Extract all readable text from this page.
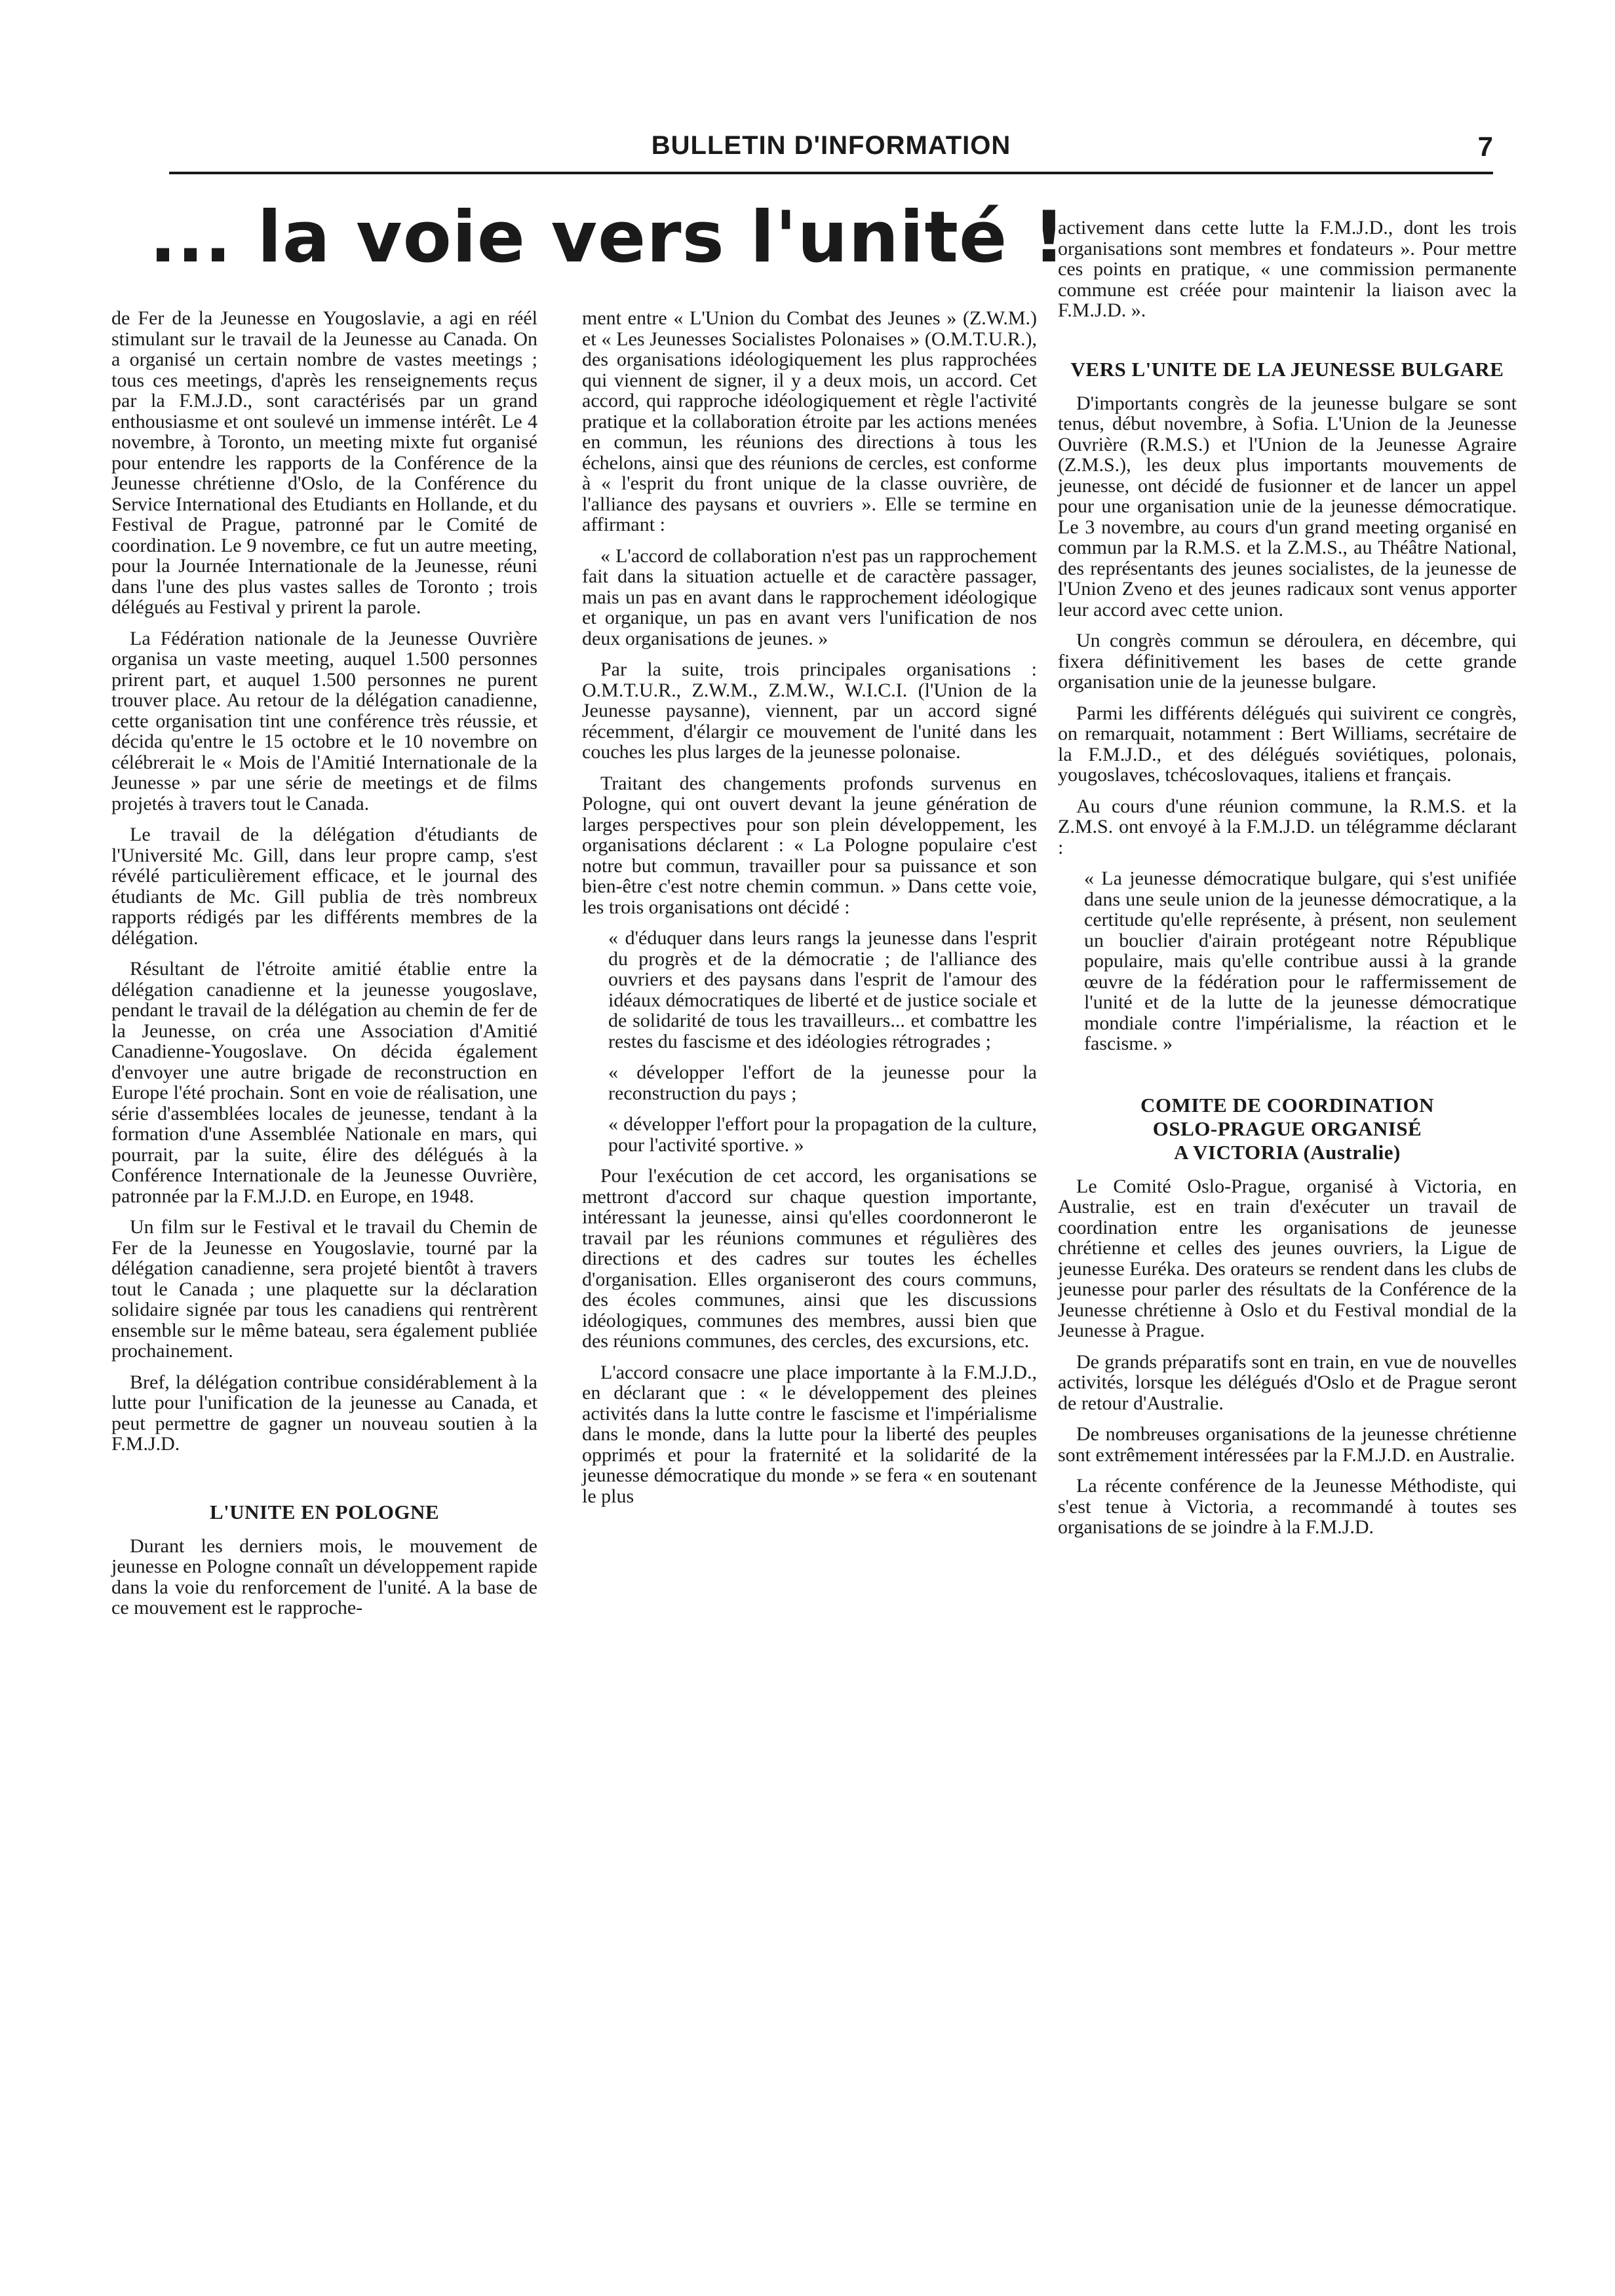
BULLETIN D'INFORMATION	7
... la voie vers l'unité !

de Fer de la Jeunesse en Yougoslavie, a agi en réél stimulant sur le travail de la Jeunesse au Canada. On a organisé un certain nombre de vastes meetings ; tous ces meetings, d'après les renseignements reçus par la F.M.J.D., sont caractérisés par un grand enthousiasme et ont soulevé un immense intérêt. Le 4 novembre, à Toronto, un meeting mixte fut organisé pour entendre les rapports de la Conférence de la Jeunesse chrétienne d'Oslo, de la Conférence du Service International des Etudiants en Hollande, et du Festival de Prague, patronné par le Comité de coordination. Le 9 novembre, ce fut un autre meeting, pour la Journée Internationale de la Jeunesse, réuni dans l'une des plus vastes salles de Toronto ; trois délégués au Festival y prirent la parole.

La Fédération nationale de la Jeunesse Ouvrière organisa un vaste meeting, auquel 1.500 personnes prirent part, et auquel 1.500 personnes ne purent trouver place. Au retour de la délégation canadienne, cette organisation tint une conférence très réussie, et décida qu'entre le 15 octobre et le 10 novembre on célébrerait le « Mois de l'Amitié Internationale de la Jeunesse » par une série de meetings et de films projetés à travers tout le Canada.

Le travail de la délégation d'étudiants de l'Université Mc. Gill, dans leur propre camp, s'est révélé particulièrement efficace, et le journal des étudiants de Mc. Gill publia de très nombreux rapports rédigés par les différents membres de la délégation.

Résultant de l'étroite amitié établie entre la délégation canadienne et la jeunesse yougoslave, pendant le travail de la délégation au chemin de fer de la Jeunesse, on créa une Association d'Amitié Canadienne-Yougoslave. On décida également d'envoyer une autre brigade de reconstruction en Europe l'été prochain. Sont en voie de réalisation, une série d'assemblées locales de jeunesse, tendant à la formation d'une Assemblée Nationale en mars, qui pourrait, par la suite, élire des délégués à la Conférence Internationale de la Jeunesse Ouvrière, patronnée par la F.M.J.D. en Europe, en 1948.

Un film sur le Festival et le travail du Chemin de Fer de la Jeunesse en Yougoslavie, tourné par la délégation canadienne, sera projeté bientôt à travers tout le Canada ; une plaquette sur la déclaration solidaire signée par tous les canadiens qui rentrèrent ensemble sur le même bateau, sera également publiée prochainement.

Bref, la délégation contribue considérablement à la lutte pour l'unification de la jeunesse au Canada, et peut permettre de gagner un nouveau soutien à la F.M.J.D.

L'UNITE EN POLOGNE

Durant les derniers mois, le mouvement de jeunesse en Pologne connaît un développement rapide dans la voie du renforcement de l'unité. A la base de ce mouvement est le rapproche-

ment entre « L'Union du Combat des Jeunes » (Z.W.M.) et « Les Jeunesses Socialistes Polonaises » (O.M.T.U.R.), des organisations idéologiquement les plus rapprochées qui viennent de signer, il y a deux mois, un accord. Cet accord, qui rapproche idéologiquement et règle l'activité pratique et la collaboration étroite par les actions menées en commun, les réunions des directions à tous les échelons, ainsi que des réunions de cercles, est conforme à « l'esprit du front unique de la classe ouvrière, de l'alliance des paysans et ouvriers ». Elle se termine en affirmant :

« L'accord de collaboration n'est pas un rapprochement fait dans la situation actuelle et de caractère passager, mais un pas en avant dans le rapprochement idéologique et organique, un pas en avant vers l'unification de nos deux organisations de jeunes. »

Par la suite, trois principales organisations : O.M.T.U.R., Z.W.M., Z.M.W., W.I.C.I. (l'Union de la Jeunesse paysanne), viennent, par un accord signé récemment, d'élargir ce mouvement de l'unité dans les couches les plus larges de la jeunesse polonaise.

Traitant des changements profonds survenus en Pologne, qui ont ouvert devant la jeune génération de larges perspectives pour son plein développement, les organisations déclarent : « La Pologne populaire c'est notre but commun, travailler pour sa puissance et son bien-être c'est notre chemin commun. » Dans cette voie, les trois organisations ont décidé :

« d'éduquer dans leurs rangs la jeunesse dans l'esprit du progrès et de la démocratie ; de l'alliance des ouvriers et des paysans dans l'esprit de l'amour des idéaux démocratiques de liberté et de justice sociale et de solidarité de tous les travailleurs... et combattre les restes du fascisme et des idéologies rétrogrades ;

« développer l'effort de la jeunesse pour la reconstruction du pays ;

« développer l'effort pour la propagation de la culture, pour l'activité sportive. »

Pour l'exécution de cet accord, les organisations se mettront d'accord sur chaque question importante, intéressant la jeunesse, ainsi qu'elles coordonneront le travail par les réunions communes et régulières des directions et des cadres sur toutes les échelles d'organisation. Elles organiseront des cours communs, des écoles communes, ainsi que les discussions idéologiques, communes des membres, aussi bien que des réunions communes, des cercles, des excursions, etc.

L'accord consacre une place importante à la F.M.J.D., en déclarant que : « le développement des pleines activités dans la lutte contre le fascisme et l'impérialisme dans le monde, dans la lutte pour la liberté des peuples opprimés et pour la fraternité et la solidarité de la jeunesse démocratique du monde » se fera « en soutenant le plus

activement dans cette lutte la F.M.J.D., dont les trois organisations sont membres et fondateurs ». Pour mettre ces points en pratique, « une commission permanente commune est créée pour maintenir la liaison avec la F.M.J.D. ».

VERS L'UNITE DE LA JEUNESSE BULGARE

D'importants congrès de la jeunesse bulgare se sont tenus, début novembre, à Sofia. L'Union de la Jeunesse Ouvrière (R.M.S.) et l'Union de la Jeunesse Agraire (Z.M.S.), les deux plus importants mouvements de jeunesse, ont décidé de fusionner et de lancer un appel pour une organisation unie de la jeunesse démocratique. Le 3 novembre, au cours d'un grand meeting organisé en commun par la R.M.S. et la Z.M.S., au Théâtre National, des représentants des jeunes socialistes, de la jeunesse de l'Union Zveno et des jeunes radicaux sont venus apporter leur accord avec cette union.

Un congrès commun se déroulera, en décembre, qui fixera définitivement les bases de cette grande organisation unie de la jeunesse bulgare.

Parmi les différents délégués qui suivirent ce congrès, on remarquait, notamment : Bert Williams, secrétaire de la F.M.J.D., et des délégués soviétiques, polonais, yougoslaves, tchécoslovaques, italiens et français.

Au cours d'une réunion commune, la R.M.S. et la Z.M.S. ont envoyé à la F.M.J.D. un télégramme déclarant :

« La jeunesse démocratique bulgare, qui s'est unifiée dans une seule union de la jeunesse démocratique, a la certitude qu'elle représente, à présent, non seulement un bouclier d'airain protégeant notre République populaire, mais qu'elle contribue aussi à la grande œuvre de la fédération pour le raffermissement de l'unité et de la lutte de la jeunesse démocratique mondiale contre l'impérialisme, la réaction et le fascisme. »

COMITE DE COORDINATION
OSLO-PRAGUE ORGANISÉ
A VICTORIA (Australie)

Le Comité Oslo-Prague, organisé à Victoria, en Australie, est en train d'exécuter un travail de coordination entre les organisations de jeunesse chrétienne et celles des jeunes ouvriers, la Ligue de jeunesse Euréka. Des orateurs se rendent dans les clubs de jeunesse pour parler des résultats de la Conférence de la Jeunesse chrétienne à Oslo et du Festival mondial de la Jeunesse à Prague.

De grands préparatifs sont en train, en vue de nouvelles activités, lorsque les délégués d'Oslo et de Prague seront de retour d'Australie.

De nombreuses organisations de la jeunesse chrétienne sont extrêmement intéressées par la F.M.J.D. en Australie.

La récente conférence de la Jeunesse Méthodiste, qui s'est tenue à Victoria, a recommandé à toutes ses organisations de se joindre à la F.M.J.D.
